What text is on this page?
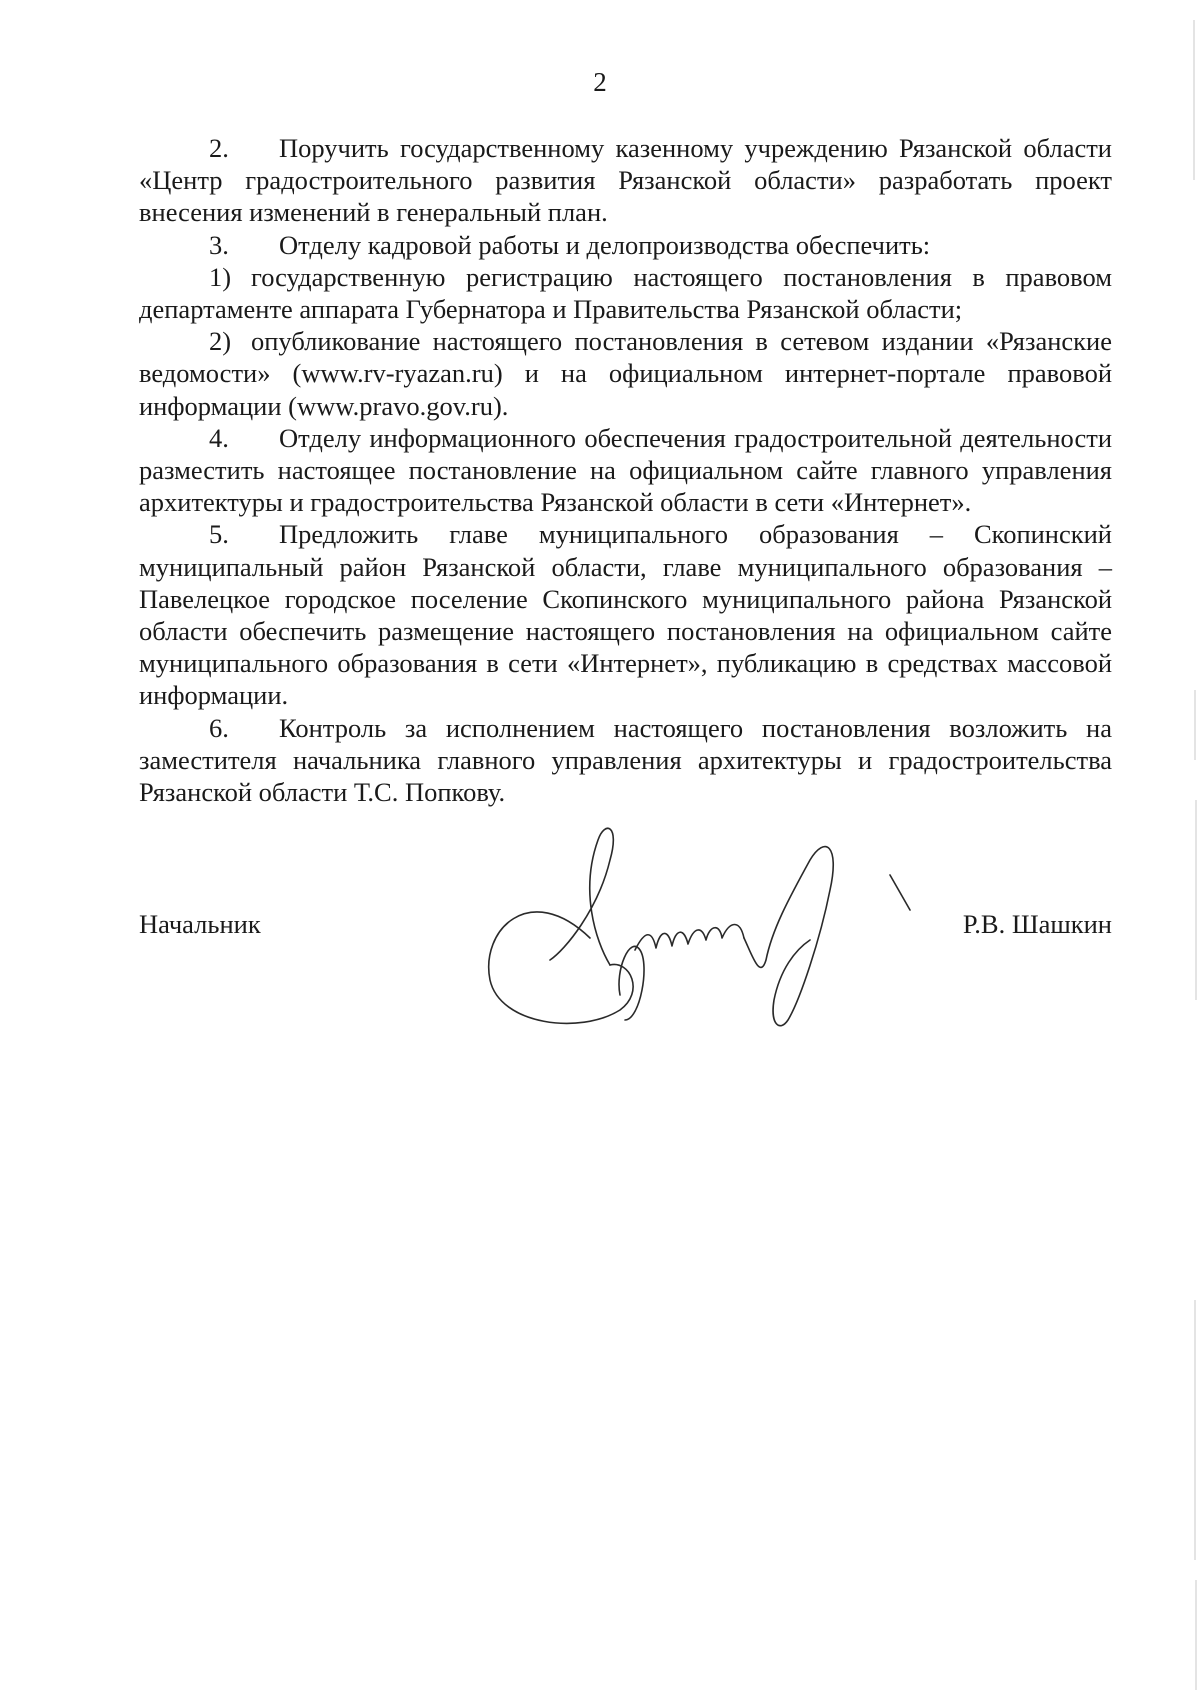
2

2. Поручить государственному казенному учреждению Рязанской области «Центр градостроительного развития Рязанской области» разработать проект внесения изменений в генеральный план.

3. Отделу кадровой работы и делопроизводства обеспечить:

1) государственную регистрацию настоящего постановления в правовом департаменте аппарата Губернатора и Правительства Рязанской области;

2) опубликование настоящего постановления в сетевом издании «Рязанские ведомости» (www.rv-ryazan.ru) и на официальном интернет-портале правовой информации (www.pravo.gov.ru).

4. Отделу информационного обеспечения градостроительной деятельности разместить настоящее постановление на официальном сайте главного управления архитектуры и градостроительства Рязанской области в сети «Интернет».

5. Предложить главе муниципального образования – Скопинский муниципальный район Рязанской области, главе муниципального образования – Павелецкое городское поселение Скопинского муниципального района Рязанской области обеспечить размещение настоящего постановления на официальном сайте муниципального образования в сети «Интернет», публикацию в средствах массовой информации.

6. Контроль за исполнением настоящего постановления возложить на заместителя начальника главного управления архитектуры и градостроительства Рязанской области Т.С. Попкову.

Начальник	Р.В. Шашкин
